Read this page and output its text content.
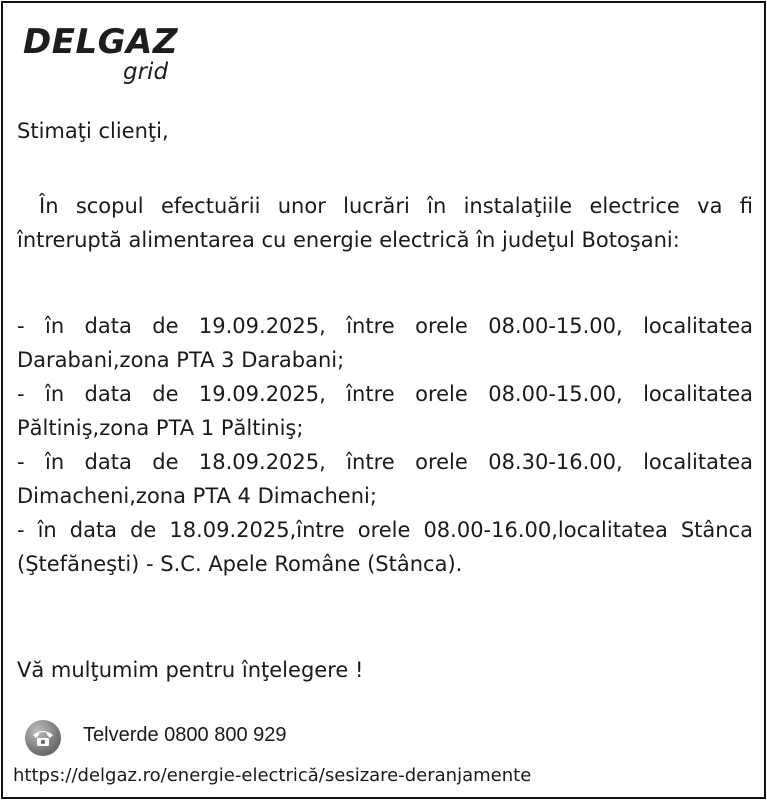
DELGAZ
grid
Stimaţi clienţi,
În scopul efectuării unor lucrări în instalaţiile electrice va fi întreruptă alimentarea cu energie electrică în judeţul Botoşani:

- în data de 19.09.2025, între orele 08.00-15.00, localitatea Darabani,zona PTA 3 Darabani;

- în data de 19.09.2025, între orele 08.00-15.00, localitatea Păltiniş,zona PTA 1 Păltiniş;

- în data de 18.09.2025, între orele 08.30-16.00, localitatea Dimacheni,zona PTA 4 Dimacheni;

- în data de 18.09.2025,între orele 08.00-16.00,localitatea Stânca (Ştefăneşti) - S.C. Apele Române (Stânca).

Vă mulţumim pentru înţelegere !
Telverde 0800 800 929
https://delgaz.ro/energie-electrică/sesizare-deranjamente
